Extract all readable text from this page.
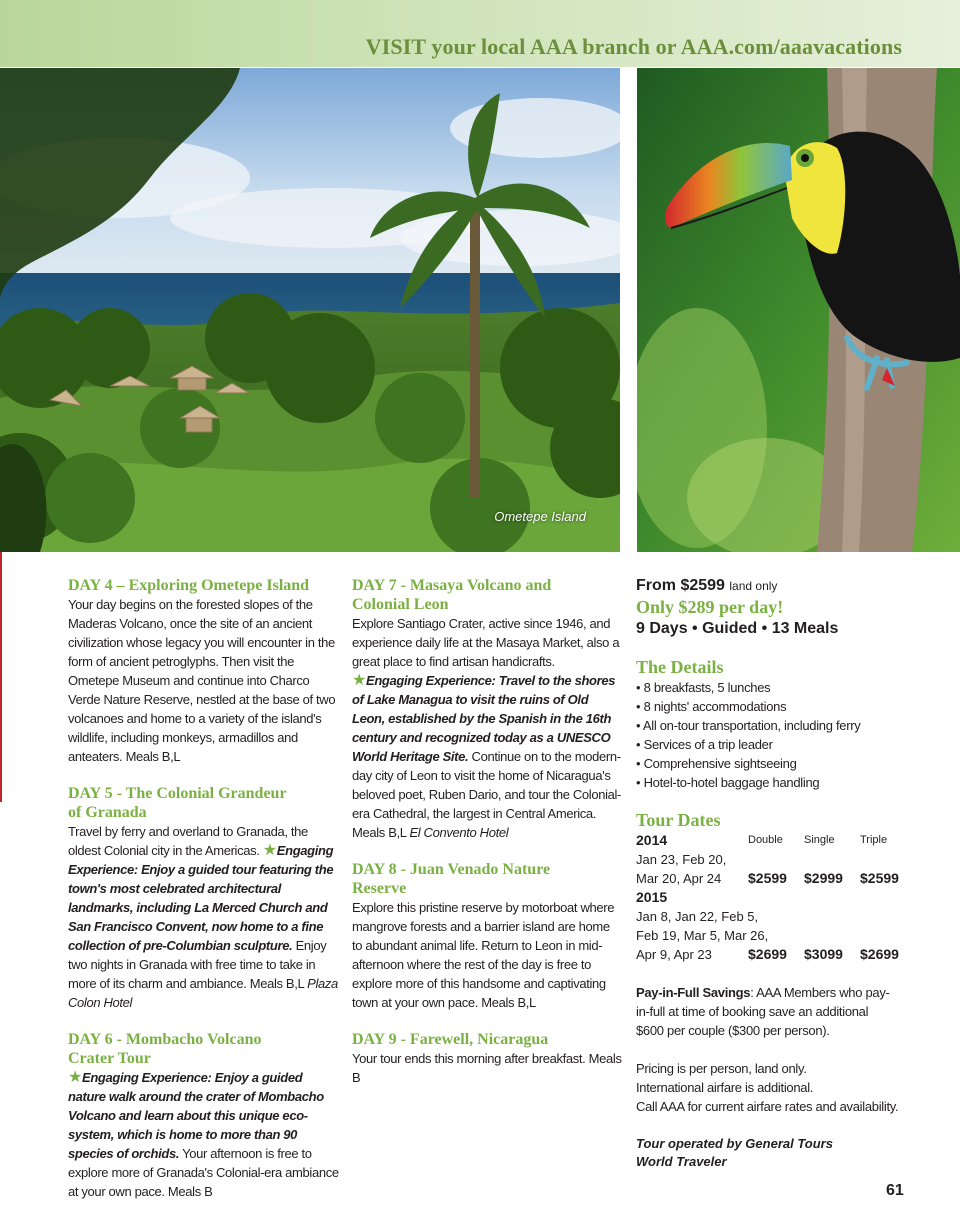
VISIT your local AAA branch or AAA.com/aaavacations
Ometepe Island
DAY 4 – Exploring Ometepe Island
Your day begins on the forested slopes of the Maderas Volcano, once the site of an ancient civilization whose legacy you will encounter in the form of ancient petroglyphs. Then visit the Ometepe Museum and continue into Charco Verde Nature Reserve, nestled at the base of two volcanoes and home to a variety of the island's wildlife, including monkeys, armadillos and anteaters. Meals B,L
DAY 5 - The Colonial Grandeur
of Granada
Travel by ferry and overland to Granada, the oldest Colonial city in the Americas. ★Engaging Experience: Enjoy a guided tour featuring the town's most celebrated architectural landmarks, including La Merced Church and San Francisco Convent, now home to a fine collection of pre-Columbian sculpture. Enjoy two nights in Granada with free time to take in more of its charm and ambiance. Meals B,L Plaza Colon Hotel
DAY 6 - Mombacho Volcano
Crater Tour
★Engaging Experience: Enjoy a guided nature walk around the crater of Mombacho Volcano and learn about this unique eco-system, which is home to more than 90 species of orchids. Your afternoon is free to explore more of Granada's Colonial-era ambiance at your own pace. Meals B
DAY 7 - Masaya Volcano and
Colonial Leon
Explore Santiago Crater, active since 1946, and experience daily life at the Masaya Market, also a great place to find artisan handicrafts. ★Engaging Experience: Travel to the shores of Lake Managua to visit the ruins of Old Leon, established by the Spanish in the 16th century and recognized today as a UNESCO World Heritage Site. Continue on to the modern-day city of Leon to visit the home of Nicaragua's beloved poet, Ruben Dario, and tour the Colonial-era Cathedral, the largest in Central America. Meals B,L El Convento Hotel
DAY 8 - Juan Venado Nature
Reserve
Explore this pristine reserve by motorboat where mangrove forests and a barrier island are home to abundant animal life. Return to Leon in mid-afternoon where the rest of the day is free to explore more of this handsome and captivating town at your own pace. Meals B,L
DAY 9 - Farewell, Nicaragua
Your tour ends this morning after breakfast. Meals B
From $2599 land only
Only $289 per day!
9 Days • Guided • 13 Meals
The Details
• 8 breakfasts, 5 lunches
• 8 nights' accommodations
• All on-tour transportation, including ferry
• Services of a trip leader
• Comprehensive sightseeing
• Hotel-to-hotel baggage handling
Tour Dates
2014	Double	Single	Triple
Jan 23, Feb 20,			
Mar 20, Apr 24	$2599	$2999	$2599
2015			
Jan 8, Jan 22, Feb 5,			
Feb 19, Mar 5, Mar 26,			
Apr 9, Apr 23	$2699	$3099	$2699
Pay-in-Full Savings: AAA Members who pay-in-full at time of booking save an additional $600 per couple ($300 per person).
Pricing is per person, land only.
International airfare is additional.
Call AAA for current airfare rates and availability.
Tour operated by General Tours
World Traveler
61
